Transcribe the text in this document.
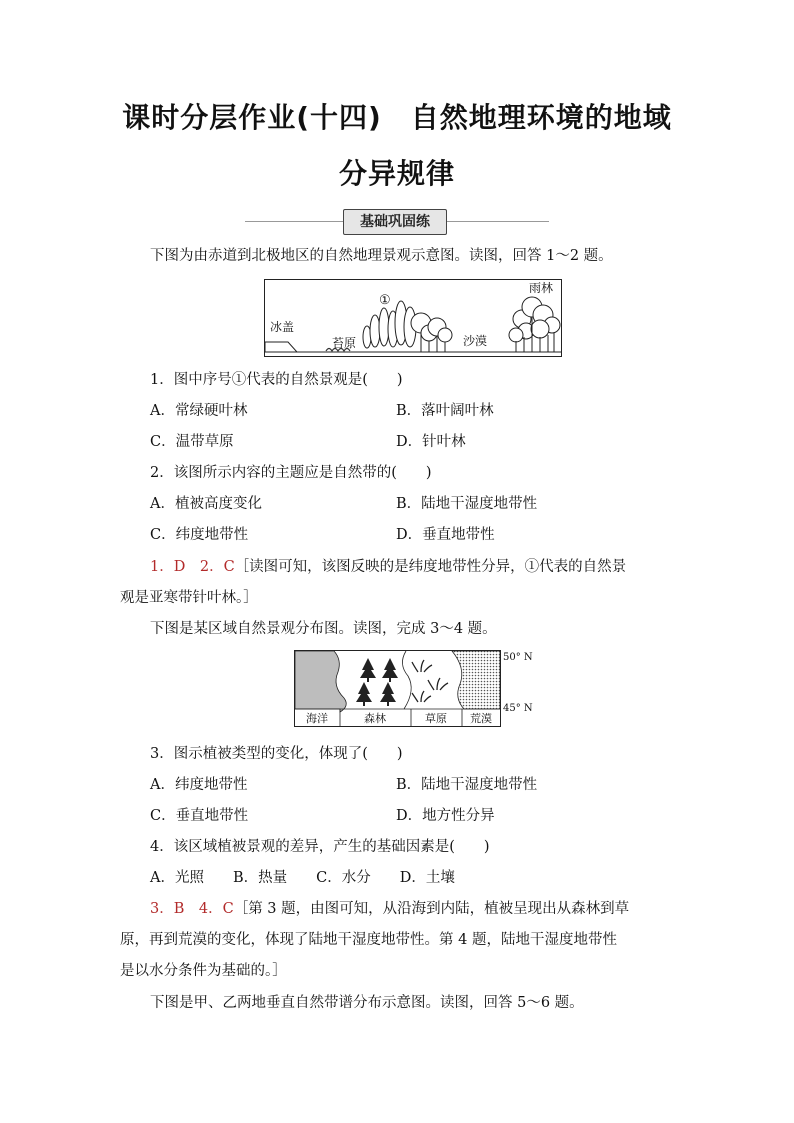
课时分层作业(十四)　自然地理环境的地域
分异规律
基础巩固练
下图为由赤道到北极地区的自然地理景观示意图。读图，回答 1～2 题。
冰盖
苔原
①
沙漠
雨林
1．图中序号①代表的自然景观是(　　)
A．常绿硬叶林	B．落叶阔叶林
C．温带草原	D．针叶林
2．该图所示内容的主题应是自然带的(　　)
A．植被高度变化	B．陆地干湿度地带性
C．纬度地带性	D．垂直地带性
1．D　2．C［读图可知，该图反映的是纬度地带性分异，①代表的自然景
观是亚寒带针叶林。］
下图是某区域自然景观分布图。读图，完成 3～4 题。
海洋	森林	草原 荒漠
50° N
45° N
3．图示植被类型的变化，体现了(　　)
A．纬度地带性	B．陆地干湿度地带性
C．垂直地带性	D．地方性分异
4．该区域植被景观的差异，产生的基础因素是(　　)
A．光照　　B．热量　　C．水分　　D．土壤
3．B　4．C［第 3 题，由图可知，从沿海到内陆，植被呈现出从森林到草
原，再到荒漠的变化，体现了陆地干湿度地带性。第 4 题，陆地干湿度地带性
是以水分条件为基础的。］
下图是甲、乙两地垂直自然带谱分布示意图。读图，回答 5～6 题。
